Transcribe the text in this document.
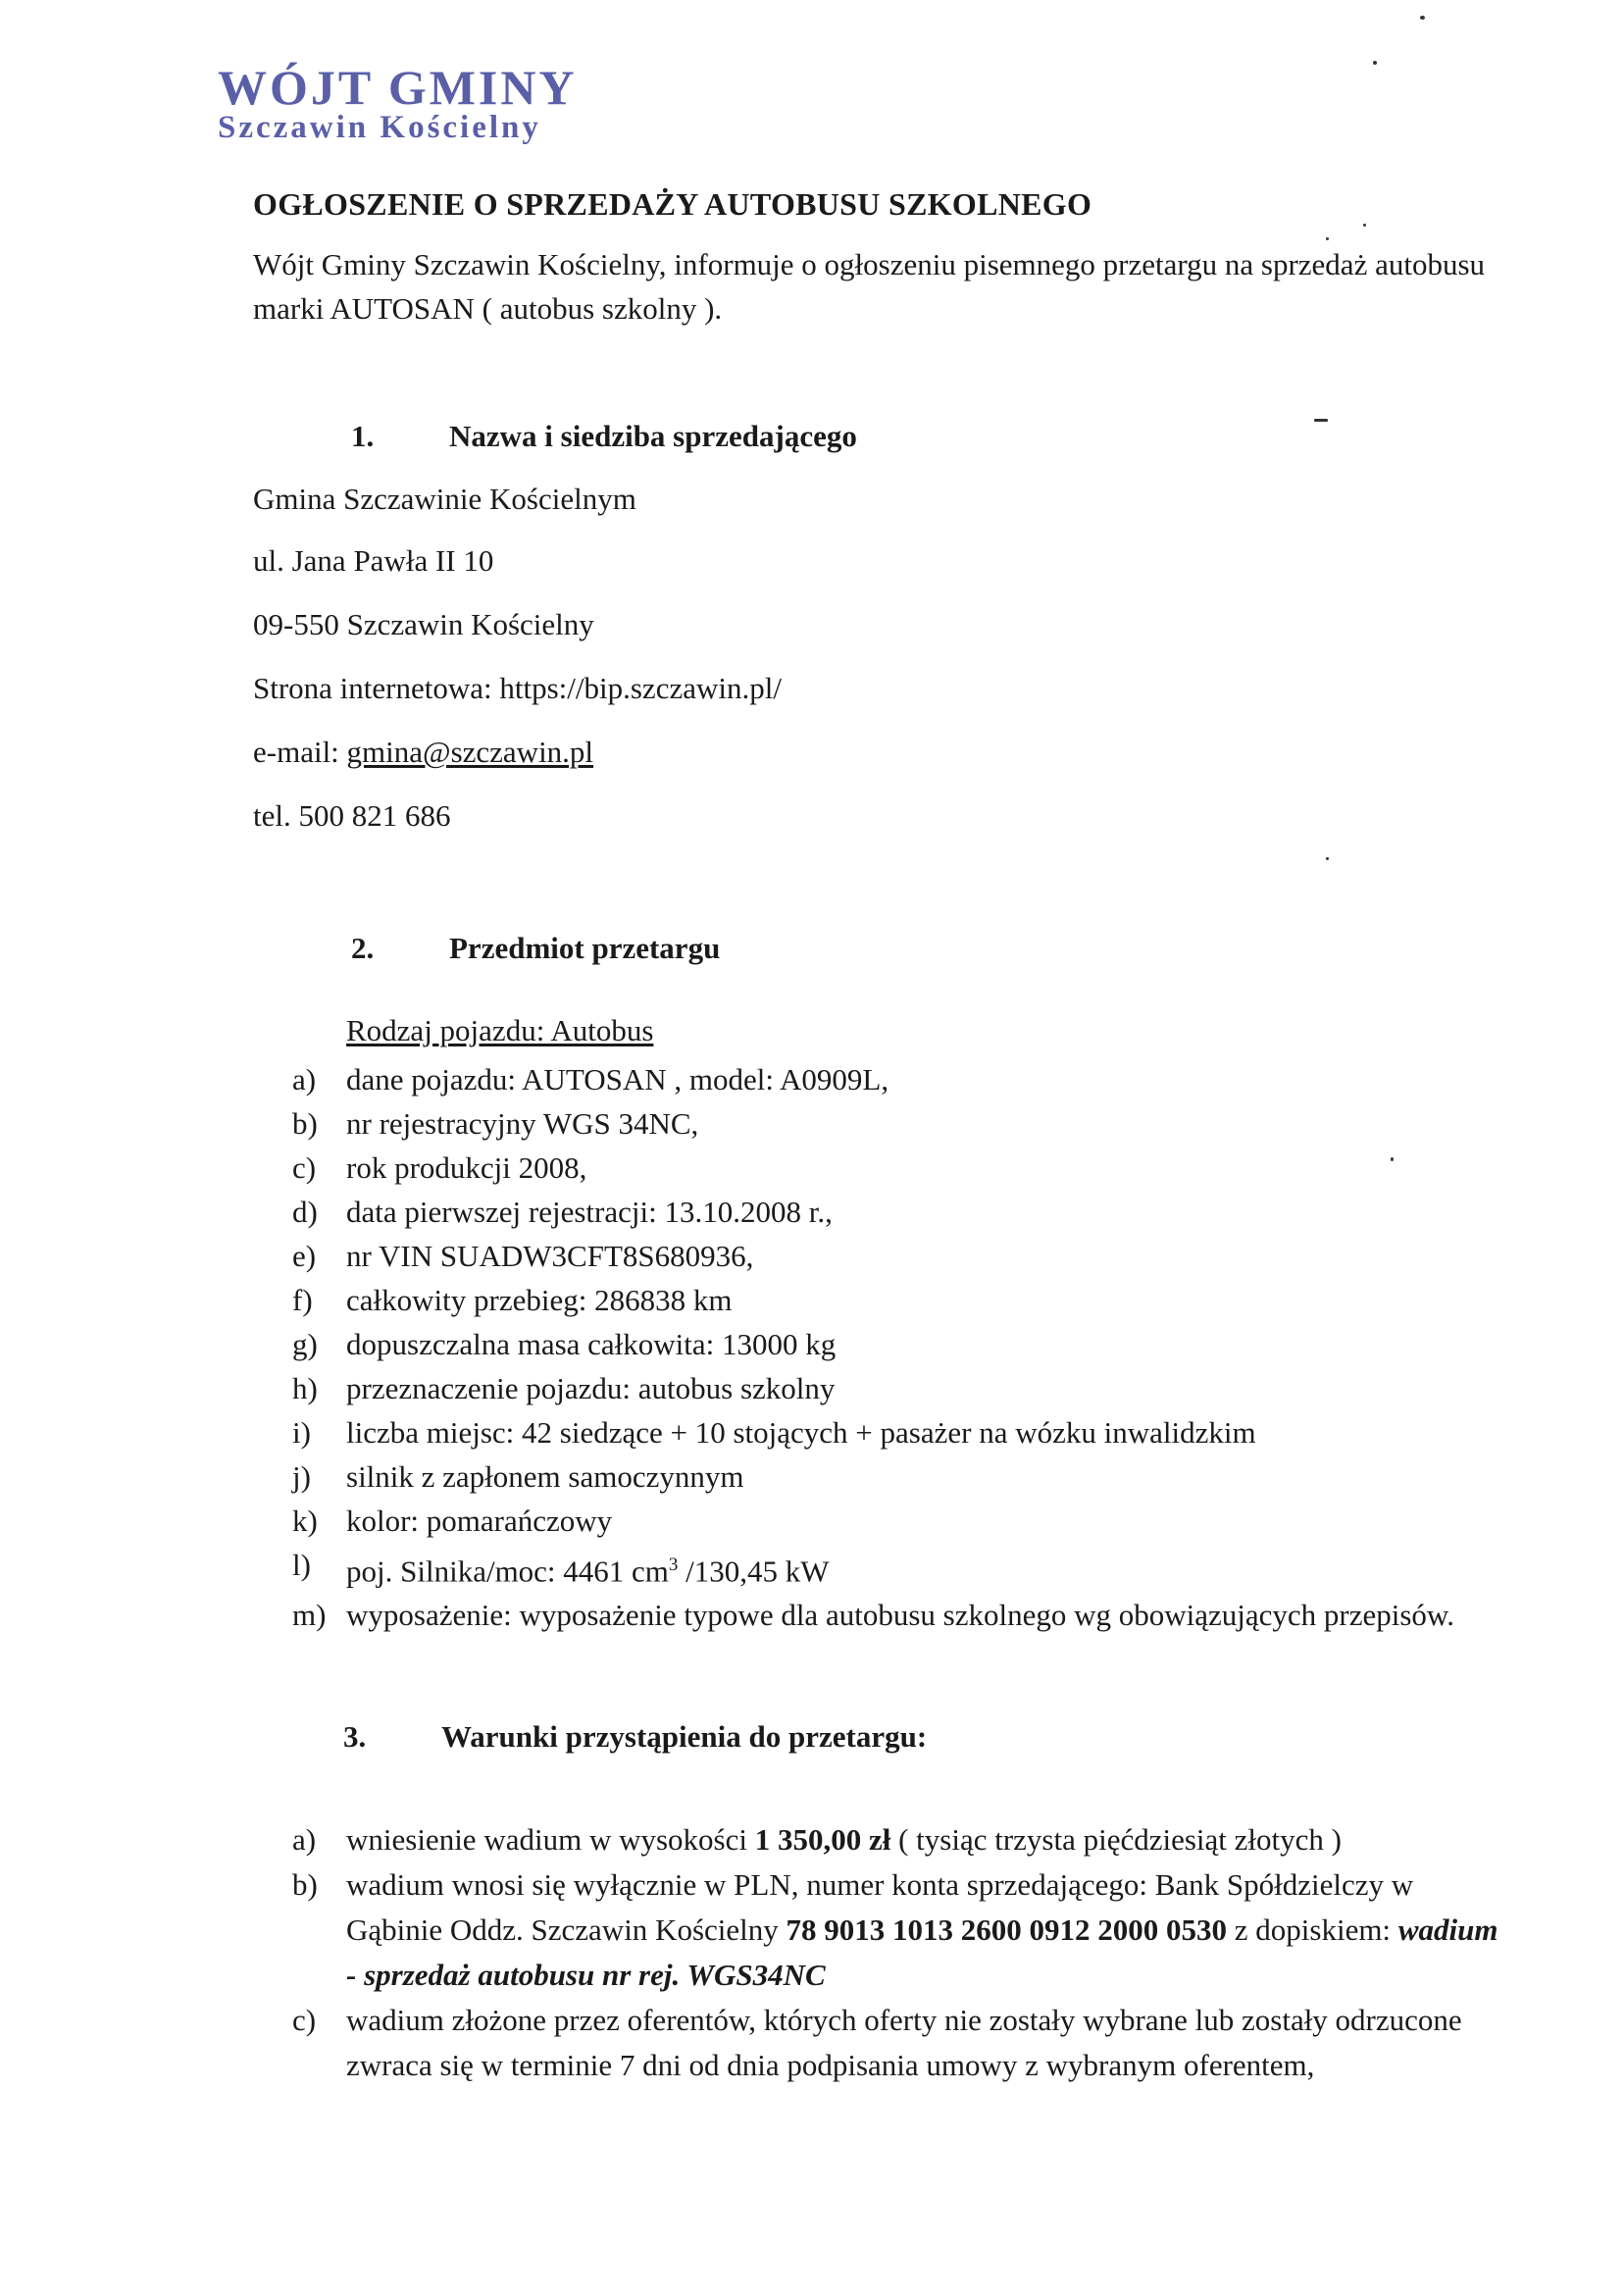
WÓJT GMINY
Szczawin Kościelny
OGŁOSZENIE O SPRZEDAŻY AUTOBUSU SZKOLNEGO
Wójt Gminy Szczawin Kościelny, informuje o ogłoszeniu pisemnego przetargu na sprzedaż autobusu marki AUTOSAN ( autobus szkolny ).
1. Nazwa i siedziba sprzedającego
Gmina Szczawinie Kościelnym
ul. Jana Pawła II 10
09-550 Szczawin Kościelny
Strona internetowa: https://bip.szczawin.pl/
e-mail: gmina@szczawin.pl
tel. 500 821 686
2. Przedmiot przetargu
Rodzaj pojazdu: Autobus
a) dane pojazdu: AUTOSAN , model: A0909L,
b) nr rejestracyjny WGS 34NC,
c) rok produkcji 2008,
d) data pierwszej rejestracji: 13.10.2008 r.,
e) nr VIN SUADW3CFT8S680936,
f) całkowity przebieg: 286838 km
g) dopuszczalna masa całkowita: 13000 kg
h) przeznaczenie pojazdu: autobus szkolny
i) liczba miejsc: 42 siedzące + 10 stojących + pasażer na wózku inwalidzkim
j) silnik z zapłonem samoczynnym
k) kolor: pomarańczowy
l) poj. Silnika/moc: 4461 $cm^3$ /130,45 kW
m) wyposażenie: wyposażenie typowe dla autobusu szkolnego wg obowiązujących przepisów.
3. Warunki przystąpienia do przetargu:
a) wniesienie wadium w wysokości 1 350,00 zł ( tysiąc trzysta pięćdziesiąt złotych )
b) wadium wnosi się wyłącznie w PLN, numer konta sprzedającego: Bank Spółdzielczy w Gąbinie Oddz. Szczawin Kościelny 78 9013 1013 2600 0912 2000 0530 z dopiskiem: wadium - sprzedaż autobusu nr rej. WGS34NC
c) wadium złożone przez oferentów, których oferty nie zostały wybrane lub zostały odrzucone zwraca się w terminie 7 dni od dnia podpisania umowy z wybranym oferentem,
